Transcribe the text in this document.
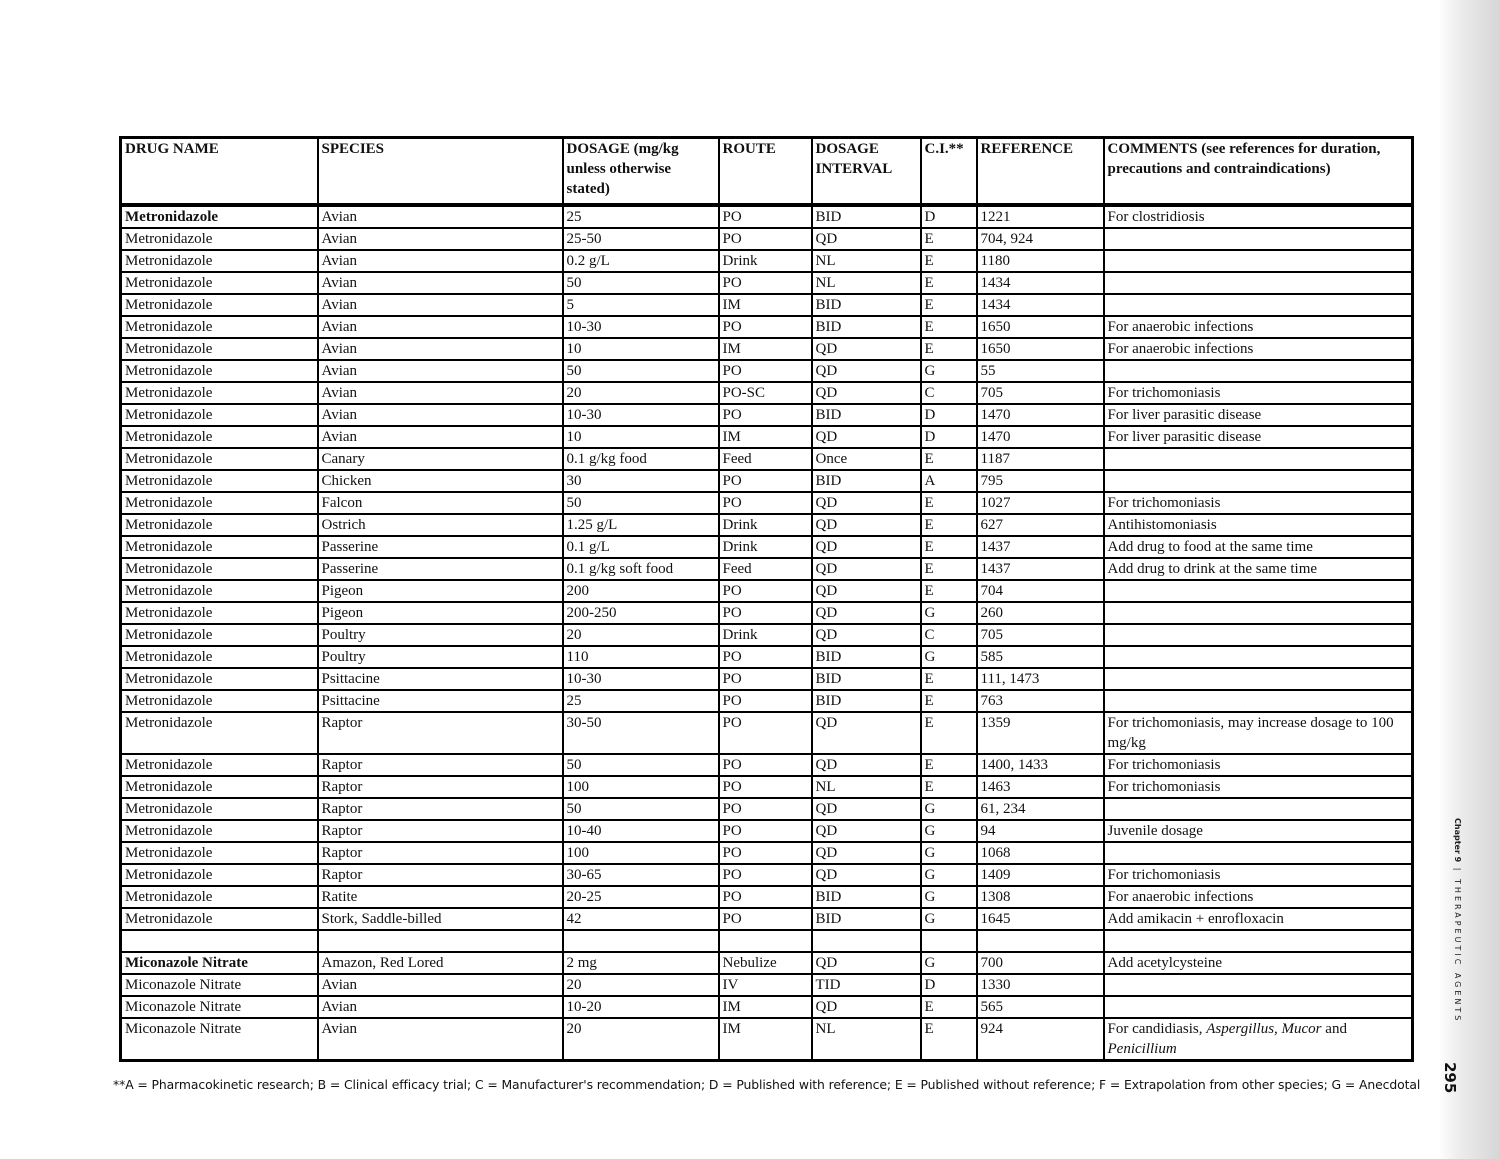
DRUG NAME	SPECIES	DOSAGE (mg/kg unless otherwise stated)	ROUTE	DOSAGE INTERVAL	C.I.**	REFERENCE	COMMENTS (see references for duration, precautions and contraindications)
Metronidazole	Avian	25	PO	BID	D	1221	For clostridiosis
Metronidazole	Avian	25-50	PO	QD	E	704, 924	
Metronidazole	Avian	0.2 g/L	Drink	NL	E	1180	
Metronidazole	Avian	50	PO	NL	E	1434	
Metronidazole	Avian	5	IM	BID	E	1434	
Metronidazole	Avian	10-30	PO	BID	E	1650	For anaerobic infections
Metronidazole	Avian	10	IM	QD	E	1650	For anaerobic infections
Metronidazole	Avian	50	PO	QD	G	55	
Metronidazole	Avian	20	PO-SC	QD	C	705	For trichomoniasis
Metronidazole	Avian	10-30	PO	BID	D	1470	For liver parasitic disease
Metronidazole	Avian	10	IM	QD	D	1470	For liver parasitic disease
Metronidazole	Canary	0.1 g/kg food	Feed	Once	E	1187	
Metronidazole	Chicken	30	PO	BID	A	795	
Metronidazole	Falcon	50	PO	QD	E	1027	For trichomoniasis
Metronidazole	Ostrich	1.25 g/L	Drink	QD	E	627	Antihistomoniasis
Metronidazole	Passerine	0.1 g/L	Drink	QD	E	1437	Add drug to food at the same time
Metronidazole	Passerine	0.1 g/kg soft food	Feed	QD	E	1437	Add drug to drink at the same time
Metronidazole	Pigeon	200	PO	QD	E	704	
Metronidazole	Pigeon	200-250	PO	QD	G	260	
Metronidazole	Poultry	20	Drink	QD	C	705	
Metronidazole	Poultry	110	PO	BID	G	585	
Metronidazole	Psittacine	10-30	PO	BID	E	111, 1473	
Metronidazole	Psittacine	25	PO	BID	E	763	
Metronidazole	Raptor	30-50	PO	QD	E	1359	For trichomoniasis, may increase dosage to 100 mg/kg
Metronidazole	Raptor	50	PO	QD	E	1400, 1433	For trichomoniasis
Metronidazole	Raptor	100	PO	NL	E	1463	For trichomoniasis
Metronidazole	Raptor	50	PO	QD	G	61, 234	
Metronidazole	Raptor	10-40	PO	QD	G	94	Juvenile dosage
Metronidazole	Raptor	100	PO	QD	G	1068	
Metronidazole	Raptor	30-65	PO	QD	G	1409	For trichomoniasis
Metronidazole	Ratite	20-25	PO	BID	G	1308	For anaerobic infections
Metronidazole	Stork, Saddle-billed	42	PO	BID	G	1645	Add amikacin + enrofloxacin

Miconazole Nitrate	Amazon, Red Lored	2 mg	Nebulize	QD	G	700	Add acetylcysteine
Miconazole Nitrate	Avian	20	IV	TID	D	1330	
Miconazole Nitrate	Avian	10-20	IM	QD	E	565	
Miconazole Nitrate	Avian	20	IM	NL	E	924	For candidiasis, Aspergillus, Mucor and Penicillium
**A = Pharmacokinetic research; B = Clinical efficacy trial; C = Manufacturer's recommendation; D = Published with reference; E = Published without reference; F = Extrapolation from other species; G = Anecdotal
Chapter 9 | THERAPEUTIC AGENTS
295
